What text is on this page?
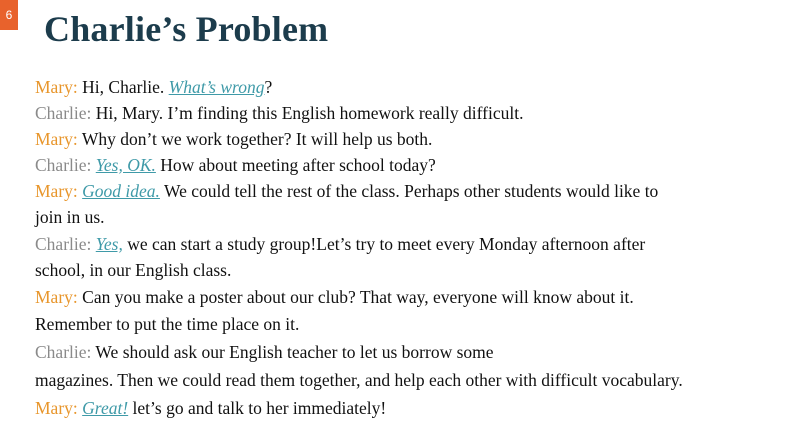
6 Charlie’s Problem
Mary: Hi, Charlie. What’s wrong?
Charlie: Hi, Mary. I’m finding this English homework really difficult.
Mary: Why don’t we work together? It will help us both.
Charlie: Yes, OK. How about meeting after school today?
Mary: Good idea. We could tell the rest of the class. Perhaps other students would like to
join in us.
Charlie: Yes, we can start a study group!Let’s try to meet every Monday afternoon after
school, in our English class.
Mary: Can you make a poster about our club? That way, everyone will know about it.
Remember to put the time place on it.
Charlie: We should ask our English teacher to let us borrow some
magazines. Then we could read them together, and help each other with difficult vocabulary.
Mary: Great! let’s go and talk to her immediately!
